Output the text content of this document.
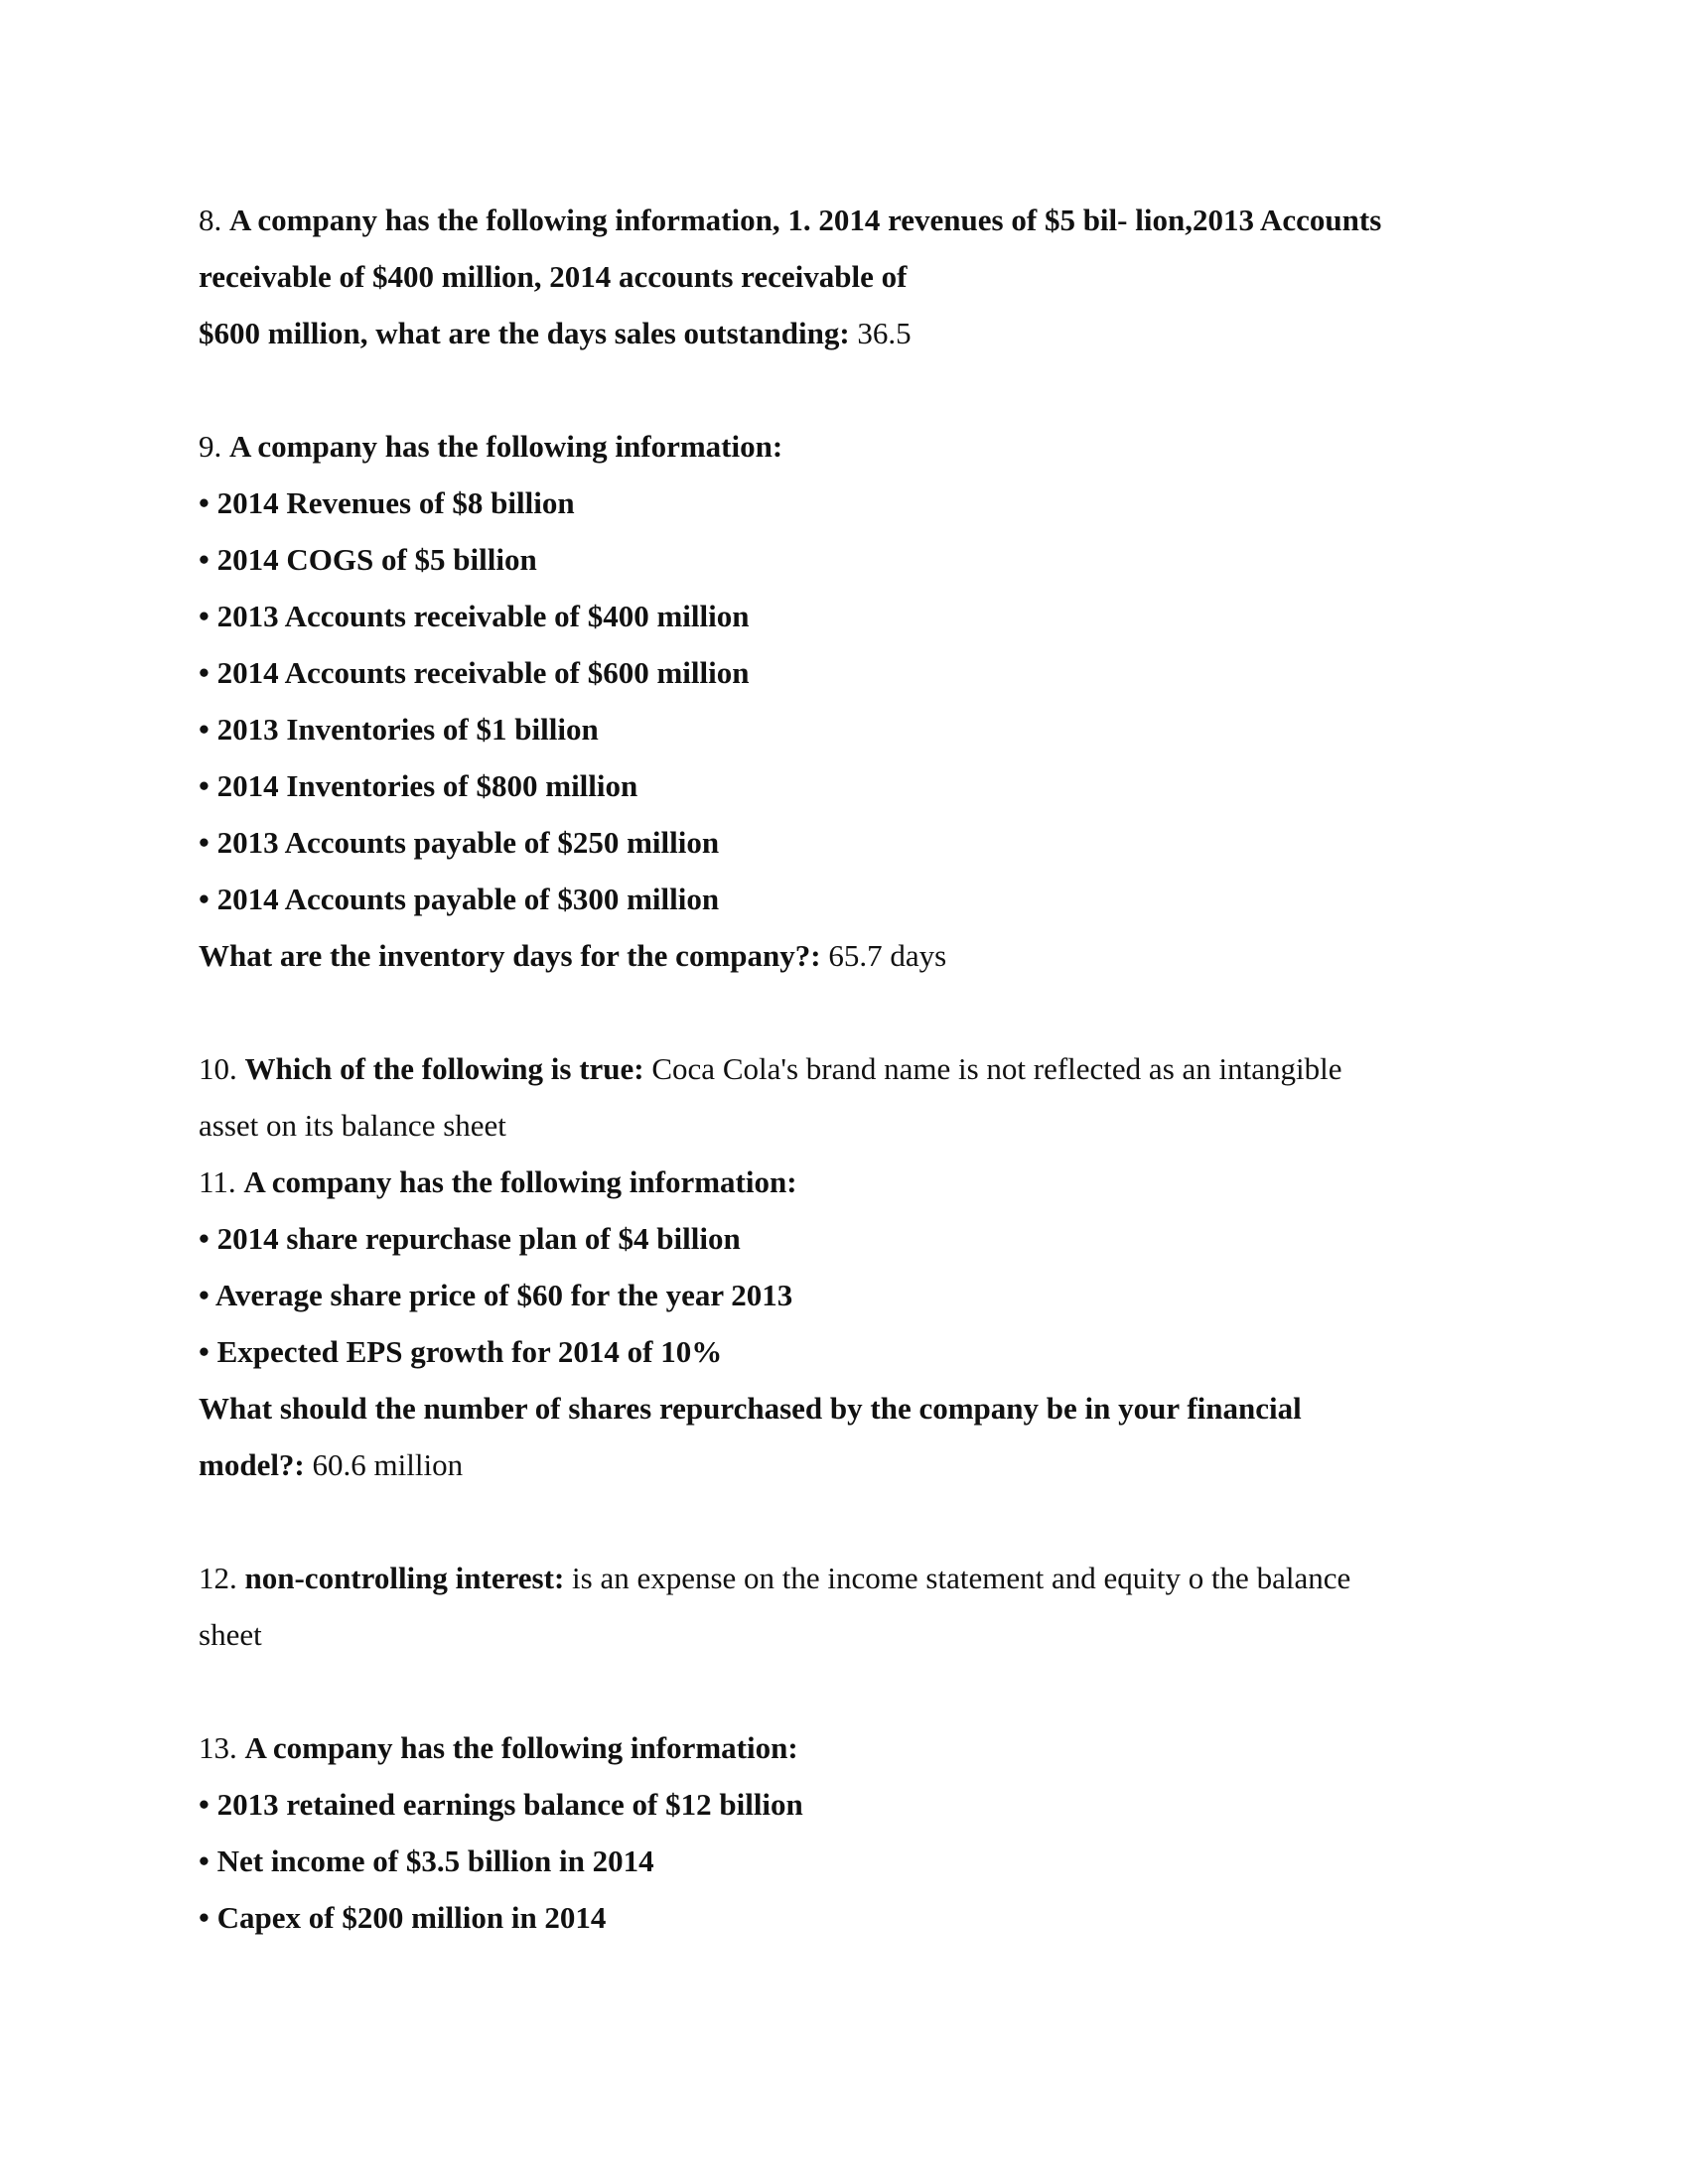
8. A company has the following information, 1. 2014 revenues of $5 bil- lion,2013 Accounts
receivable of $400 million, 2014 accounts receivable of
$600 million, what are the days sales outstanding: 36.5
9. A company has the following information:
• 2014 Revenues of $8 billion
• 2014 COGS of $5 billion
• 2013 Accounts receivable of $400 million
• 2014 Accounts receivable of $600 million
• 2013 Inventories of $1 billion
• 2014 Inventories of $800 million
• 2013 Accounts payable of $250 million
• 2014 Accounts payable of $300 million
What are the inventory days for the company?: 65.7 days
10. Which of the following is true: Coca Cola's brand name is not reflected as an intangible
asset on its balance sheet
11. A company has the following information:
• 2014 share repurchase plan of $4 billion
• Average share price of $60 for the year 2013
• Expected EPS growth for 2014 of 10%
What should the number of shares repurchased by the company be in your financial
model?: 60.6 million
12. non-controlling interest: is an expense on the income statement and equity o the balance
sheet
13. A company has the following information:
• 2013 retained earnings balance of $12 billion
• Net income of $3.5 billion in 2014
• Capex of $200 million in 2014
